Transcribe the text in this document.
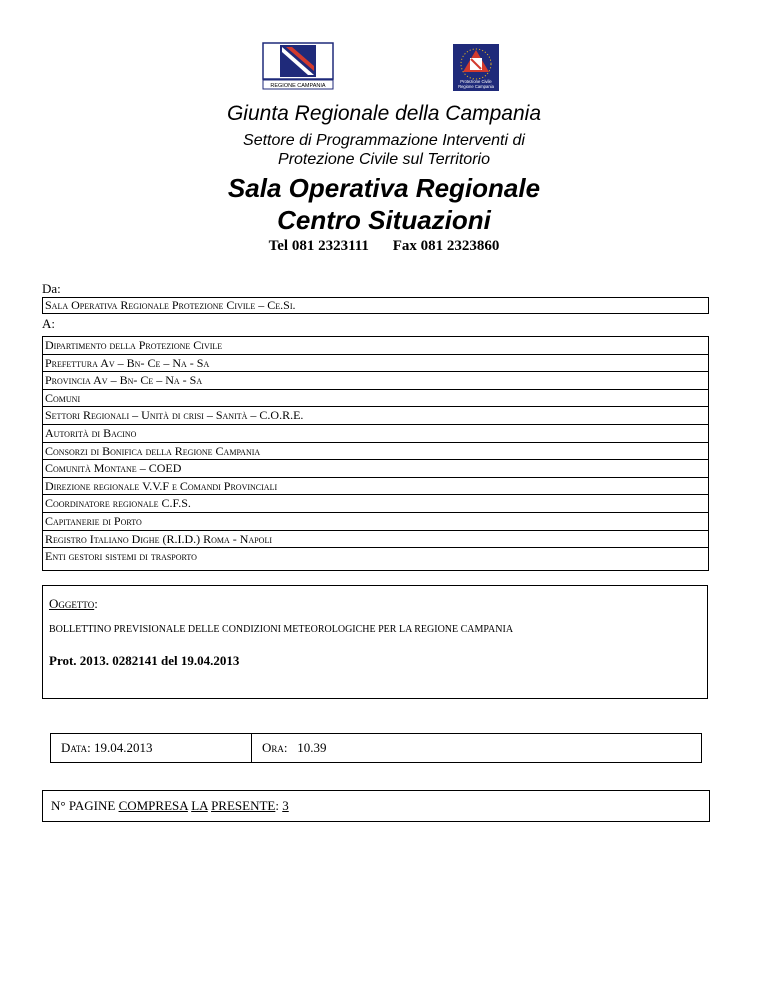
REGIONE CAMPANIA
Protezione Civile
Regione Campania
Giunta Regionale della Campania
Settore di Programmazione Interventi di
Protezione Civile sul Territorio
Sala Operativa Regionale
Centro Situazioni
Tel 081 2323111 Fax 081 2323860
Da:
Sala Operativa Regionale Protezione Civile – Ce.Si.
A:
Dipartimento della Protezione Civile
Prefettura Av – Bn- Ce – Na - Sa
Provincia Av – Bn- Ce – Na - Sa
Comuni
Settori Regionali – Unità di crisi – Sanità – C.O.R.E.
Autorità di Bacino
Consorzi di Bonifica della Regione Campania
Comunità Montane – COED
Direzione regionale V.V.F e Comandi Provinciali
Coordinatore regionale C.F.S.
Capitanerie di Porto
Registro Italiano Dighe (R.I.D.) Roma - Napoli
Enti gestori sistemi di trasporto
Oggetto:
BOLLETTINO PREVISIONALE DELLE CONDIZIONI METEOROLOGICHE PER LA REGIONE CAMPANIA
Prot. 2013. 0282141 del 19.04.2013
Data: 19.04.2013	Ora:   10.39
N° PAGINE COMPRESA LA PRESENTE: 3
